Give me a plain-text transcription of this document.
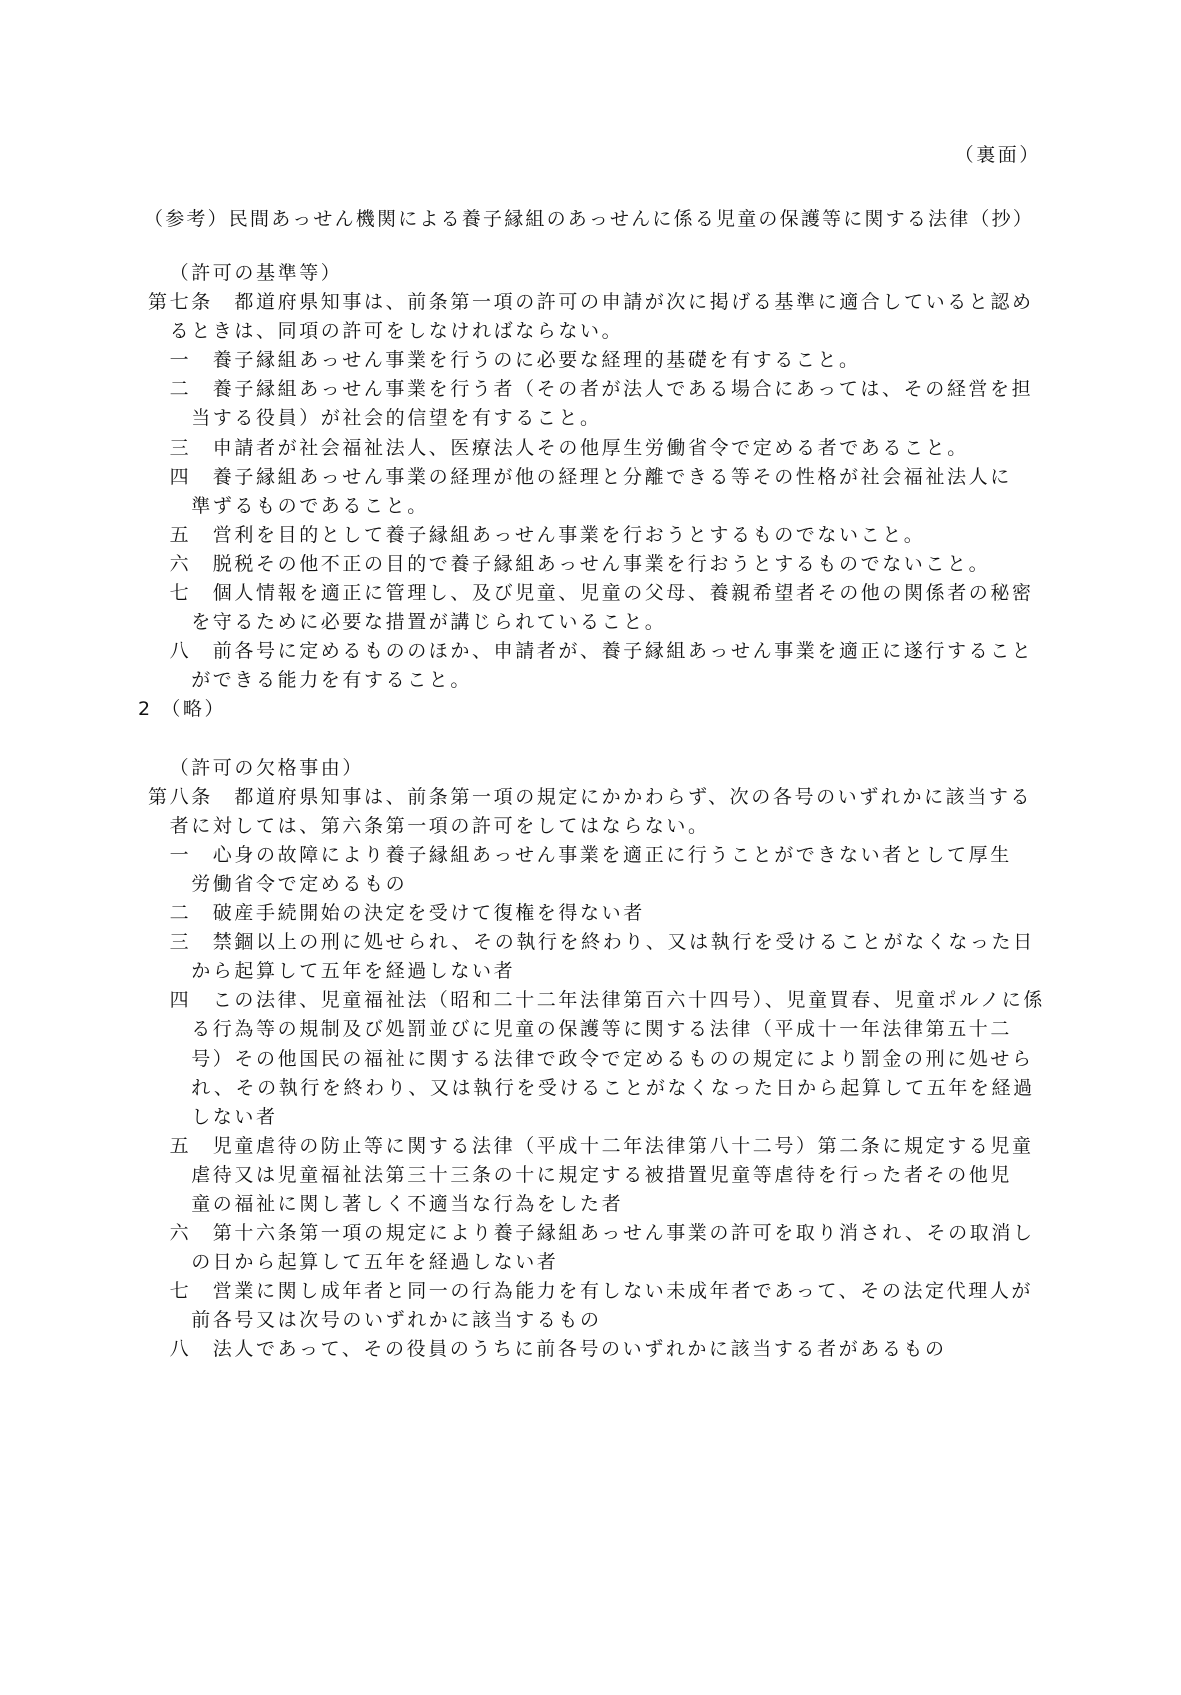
（裏面）
（参考）民間あっせん機関による養子縁組のあっせんに係る児童の保護等に関する法律（抄）
（許可の基準等）
第七条　都道府県知事は、前条第一項の許可の申請が次に掲げる基準に適合していると認め
るときは、同項の許可をしなければならない。
一　養子縁組あっせん事業を行うのに必要な経理的基礎を有すること。
二　養子縁組あっせん事業を行う者（その者が法人である場合にあっては、その経営を担
当する役員）が社会的信望を有すること。
三　申請者が社会福祉法人、医療法人その他厚生労働省令で定める者であること。
四　養子縁組あっせん事業の経理が他の経理と分離できる等その性格が社会福祉法人に
準ずるものであること。
五　営利を目的として養子縁組あっせん事業を行おうとするものでないこと。
六　脱税その他不正の目的で養子縁組あっせん事業を行おうとするものでないこと。
七　個人情報を適正に管理し、及び児童、児童の父母、養親希望者その他の関係者の秘密
を守るために必要な措置が講じられていること。
八　前各号に定めるもののほか、申請者が、養子縁組あっせん事業を適正に遂行すること
ができる能力を有すること。
2 （略）
（許可の欠格事由）
第八条　都道府県知事は、前条第一項の規定にかかわらず、次の各号のいずれかに該当する
者に対しては、第六条第一項の許可をしてはならない。
一　心身の故障により養子縁組あっせん事業を適正に行うことができない者として厚生
労働省令で定めるもの
二　破産手続開始の決定を受けて復権を得ない者
三　禁錮以上の刑に処せられ、その執行を終わり、又は執行を受けることがなくなった日
から起算して五年を経過しない者
四　この法律、児童福祉法（昭和二十二年法律第百六十四号）、児童買春、児童ポルノに係
る行為等の規制及び処罰並びに児童の保護等に関する法律（平成十一年法律第五十二
号）その他国民の福祉に関する法律で政令で定めるものの規定により罰金の刑に処せら
れ、その執行を終わり、又は執行を受けることがなくなった日から起算して五年を経過
しない者
五　児童虐待の防止等に関する法律（平成十二年法律第八十二号）第二条に規定する児童
虐待又は児童福祉法第三十三条の十に規定する被措置児童等虐待を行った者その他児
童の福祉に関し著しく不適当な行為をした者
六　第十六条第一項の規定により養子縁組あっせん事業の許可を取り消され、その取消し
の日から起算して五年を経過しない者
七　営業に関し成年者と同一の行為能力を有しない未成年者であって、その法定代理人が
前各号又は次号のいずれかに該当するもの
八　法人であって、その役員のうちに前各号のいずれかに該当する者があるもの
